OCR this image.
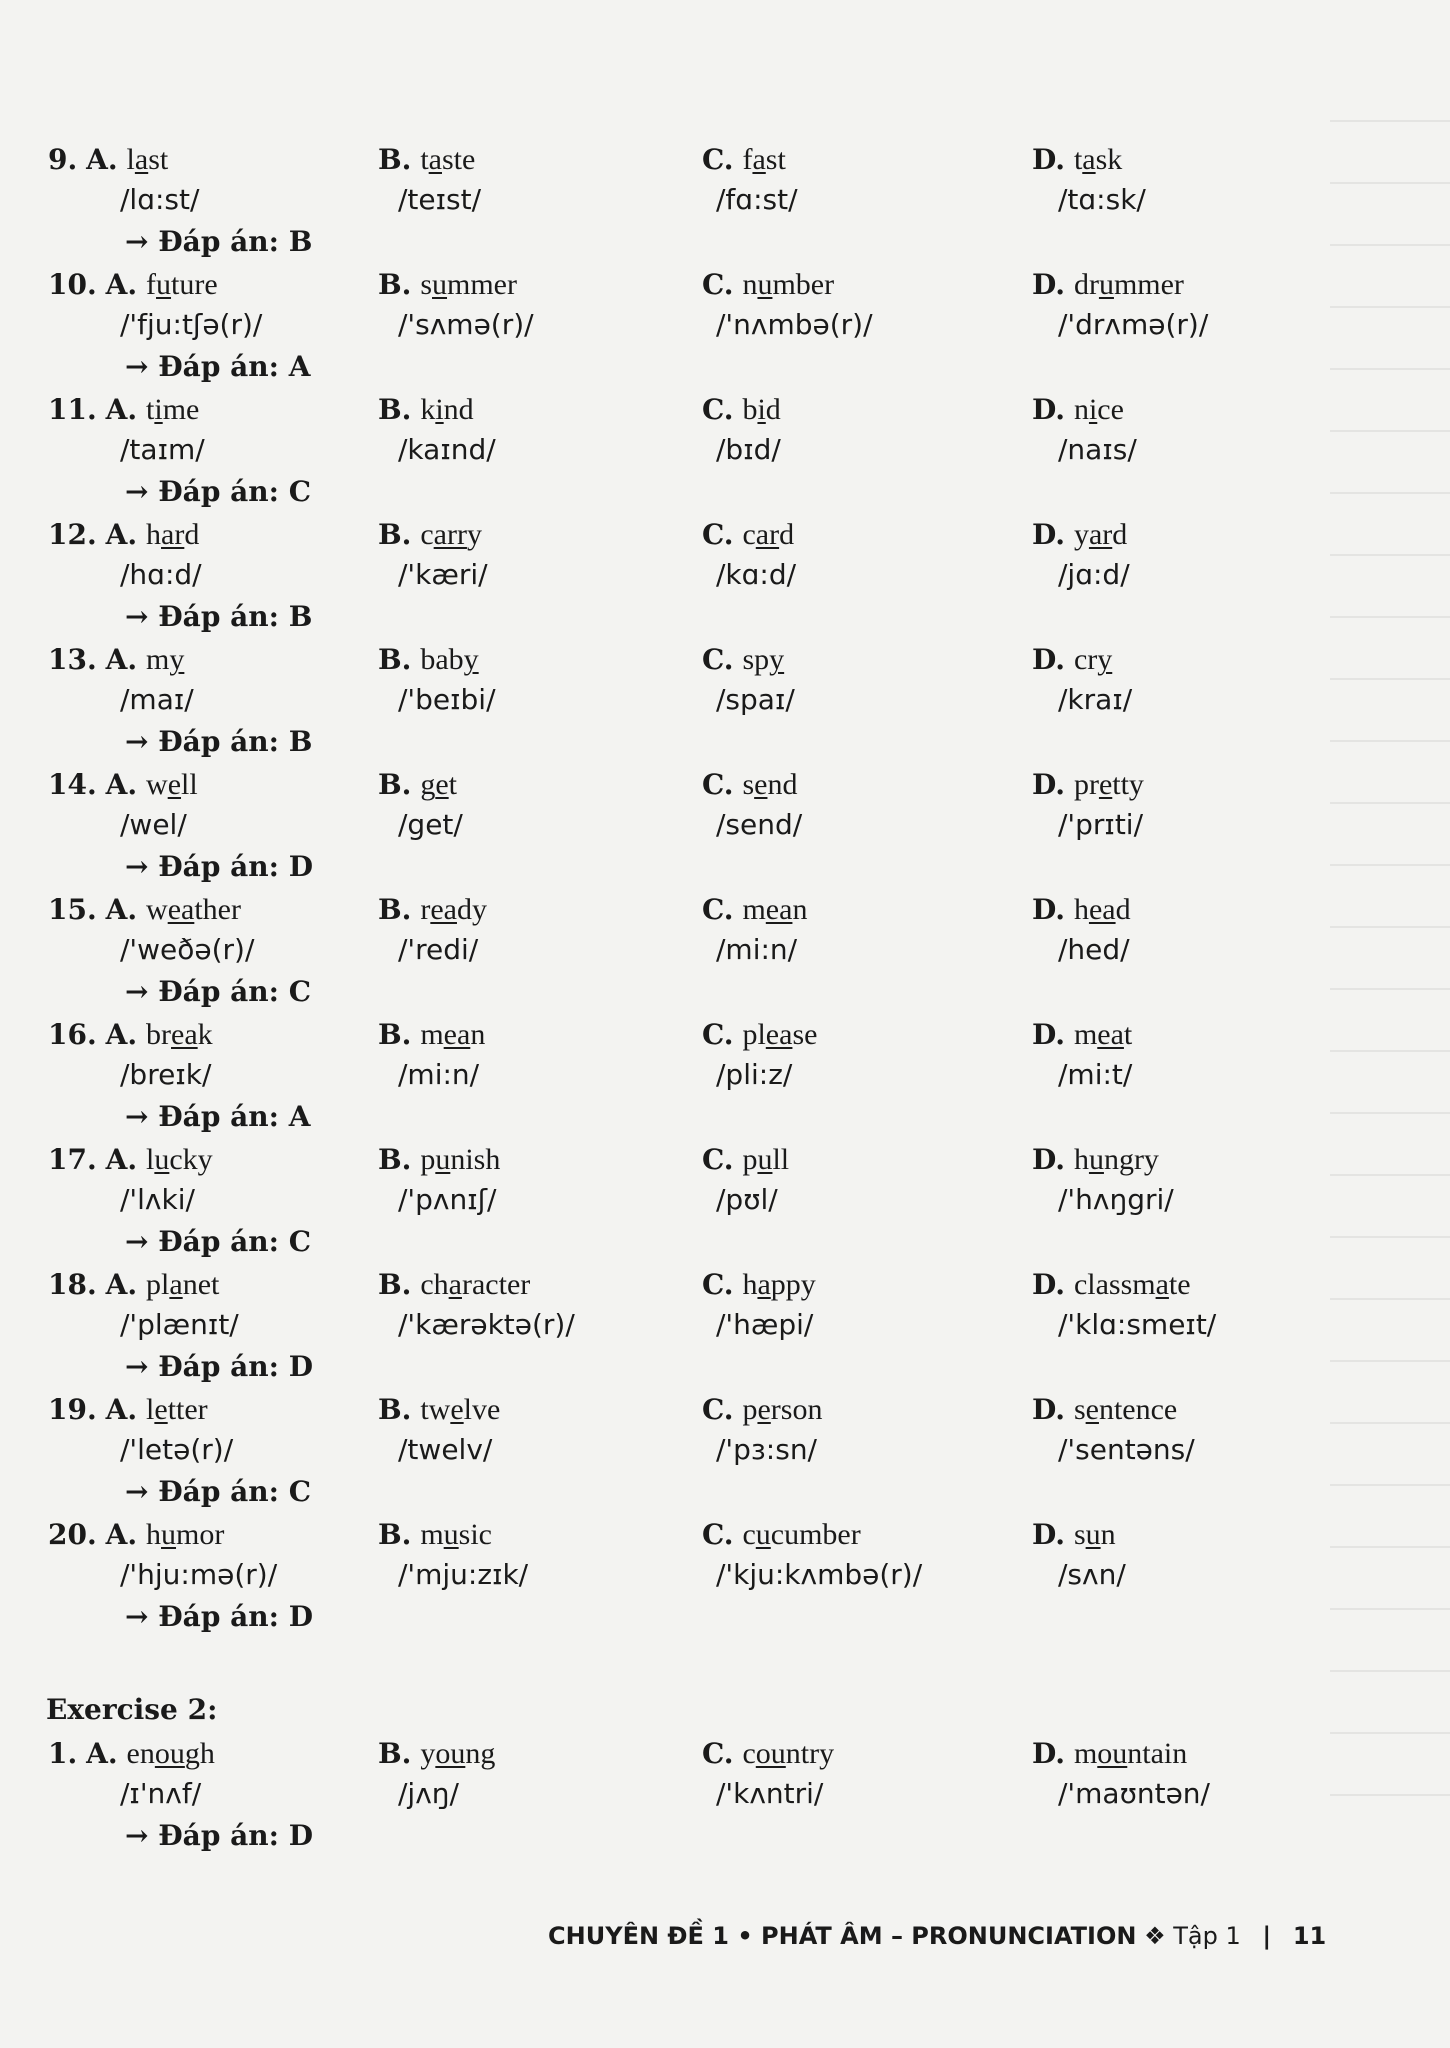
9. A. last
/lɑ:st/
B. taste
/teɪst/
C. fast
/fɑ:st/
D. task
/tɑ:sk/
→ Đáp án: B
10. A. future
/'fju:tʃə(r)/
B. summer
/'sʌmə(r)/
C. number
/'nʌmbə(r)/
D. drummer
/'drʌmə(r)/
→ Đáp án: A
11. A. time
/taɪm/
B. kind
/kaɪnd/
C. bid
/bɪd/
D. nice
/naɪs/
→ Đáp án: C
12. A. hard
/hɑ:d/
B. carry
/'kæri/
C. card
/kɑ:d/
D. yard
/jɑ:d/
→ Đáp án: B
13. A. my
/maɪ/
B. baby
/'beɪbi/
C. spy
/spaɪ/
D. cry
/kraɪ/
→ Đáp án: B
14. A. well
/wel/
B. get
/get/
C. send
/send/
D. pretty
/'prɪti/
→ Đáp án: D
15. A. weather
/'weðə(r)/
B. ready
/'redi/
C. mean
/mi:n/
D. head
/hed/
→ Đáp án: C
16. A. break
/breɪk/
B. mean
/mi:n/
C. please
/pli:z/
D. meat
/mi:t/
→ Đáp án: A
17. A. lucky
/'lʌki/
B. punish
/'pʌnɪʃ/
C. pull
/pʊl/
D. hungry
/'hʌŋgri/
→ Đáp án: C
18. A. planet
/'plænɪt/
B. character
/'kærəktə(r)/
C. happy
/'hæpi/
D. classmate
/'klɑ:smeɪt/
→ Đáp án: D
19. A. letter
/'letə(r)/
B. twelve
/twelv/
C. person
/'pɜ:sn/
D. sentence
/'sentəns/
→ Đáp án: C
20. A. humor
/'hju:mə(r)/
B. music
/'mju:zɪk/
C. cucumber
/'kju:kʌmbə(r)/
D. sun
/sʌn/
→ Đáp án: D
Exercise 2:
1. A. enough
/ɪ'nʌf/
B. young
/jʌŋ/
C. country
/'kʌntri/
D. mountain
/'maʊntən/
→ Đáp án: D
CHUYÊN ĐỀ 1 • PHÁT ÂM – PRONUNCIATION ❖ Tập 1 | 11
